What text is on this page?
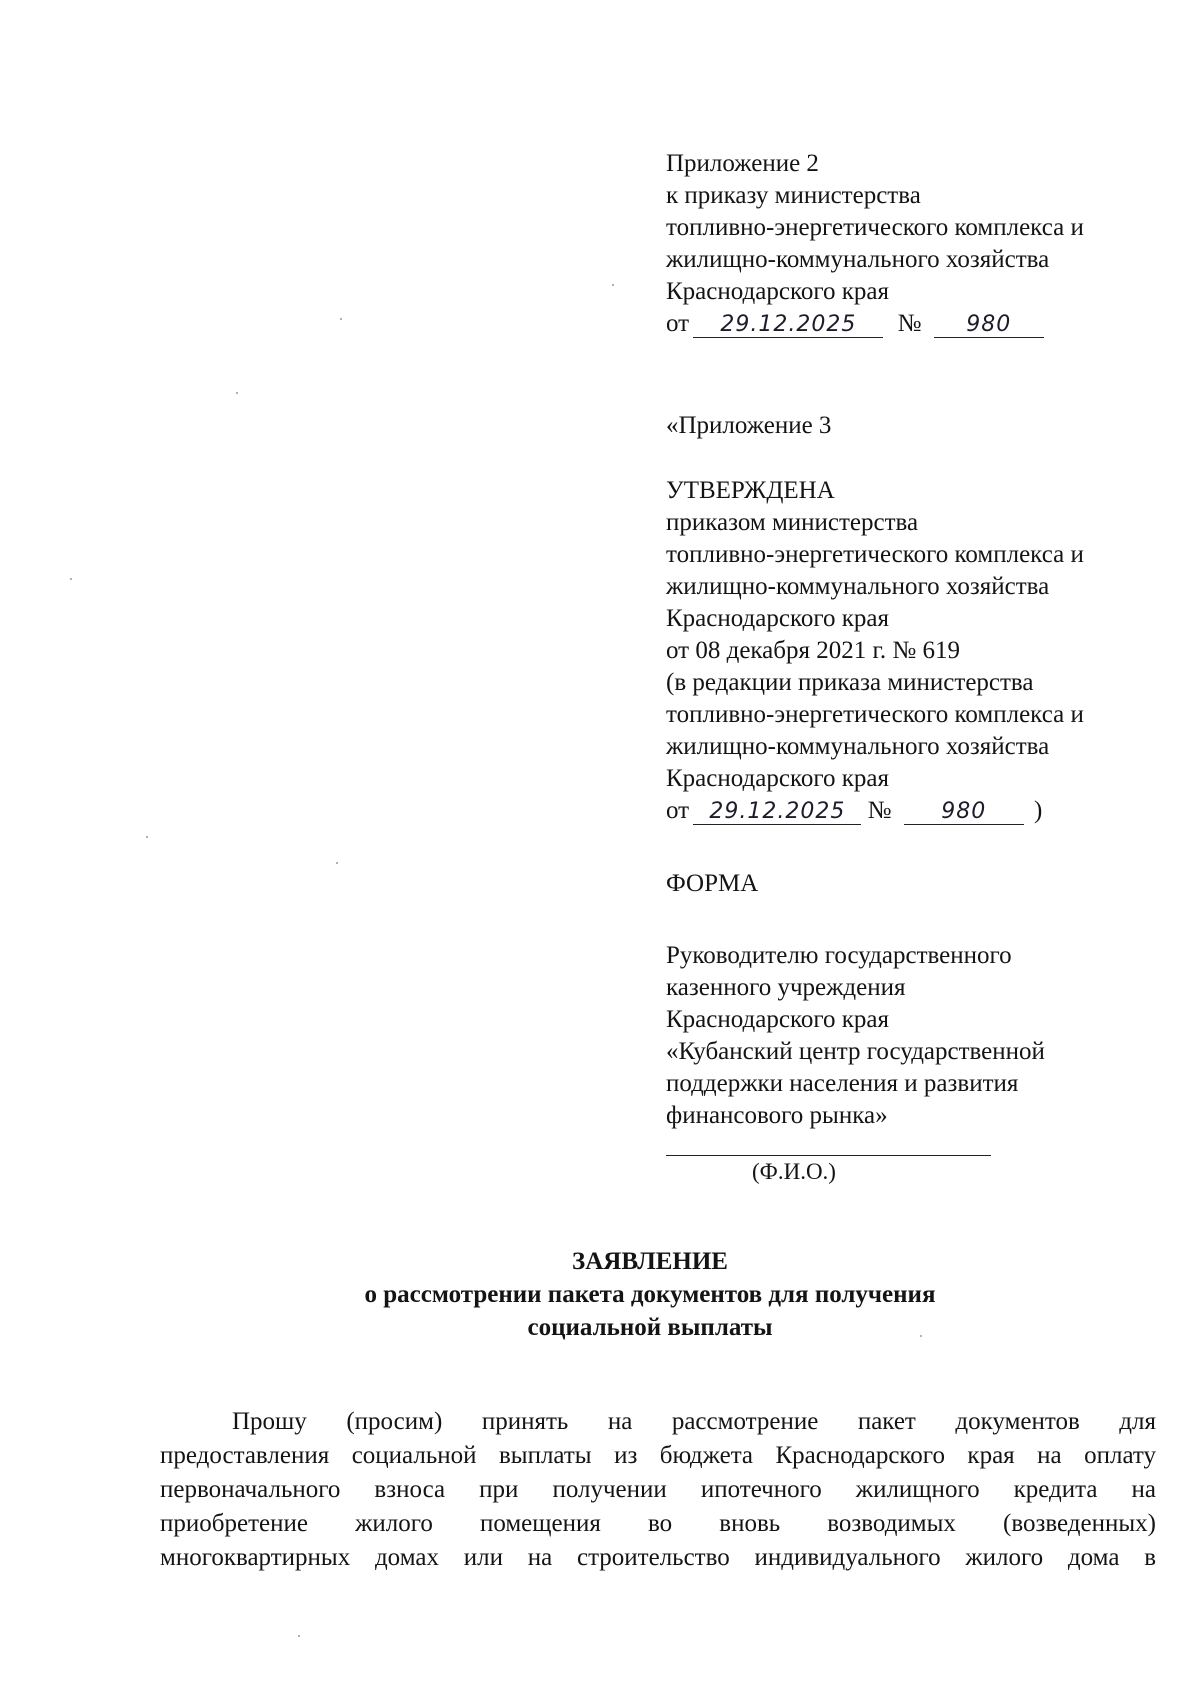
Приложение 2
к приказу министерства
топливно-энергетического комплекса и
жилищно-коммунального хозяйства
Краснодарского края
от 29.12.2025 № 980
«Приложение 3
УТВЕРЖДЕНА
приказом министерства
топливно-энергетического комплекса и
жилищно-коммунального хозяйства
Краснодарского края
от 08 декабря 2021 г. № 619
(в редакции приказа министерства
топливно-энергетического комплекса и
жилищно-коммунального хозяйства
Краснодарского края
от 29.12.2025 № 980 )
ФОРМА
Руководителю государственного
казенного учреждения
Краснодарского края
«Кубанский центр государственной
поддержки населения и развития
финансового рынка»
(Ф.И.О.)
ЗАЯВЛЕНИЕ
о рассмотрении пакета документов для получения
социальной выплаты
Прошу (просим) принять на рассмотрение пакет документов для
предоставления социальной выплаты из бюджета Краснодарского края на оплату
первоначального взноса при получении ипотечного жилищного кредита на
приобретение жилого помещения во вновь возводимых (возведенных)
многоквартирных домах или на строительство индивидуального жилого дома в
